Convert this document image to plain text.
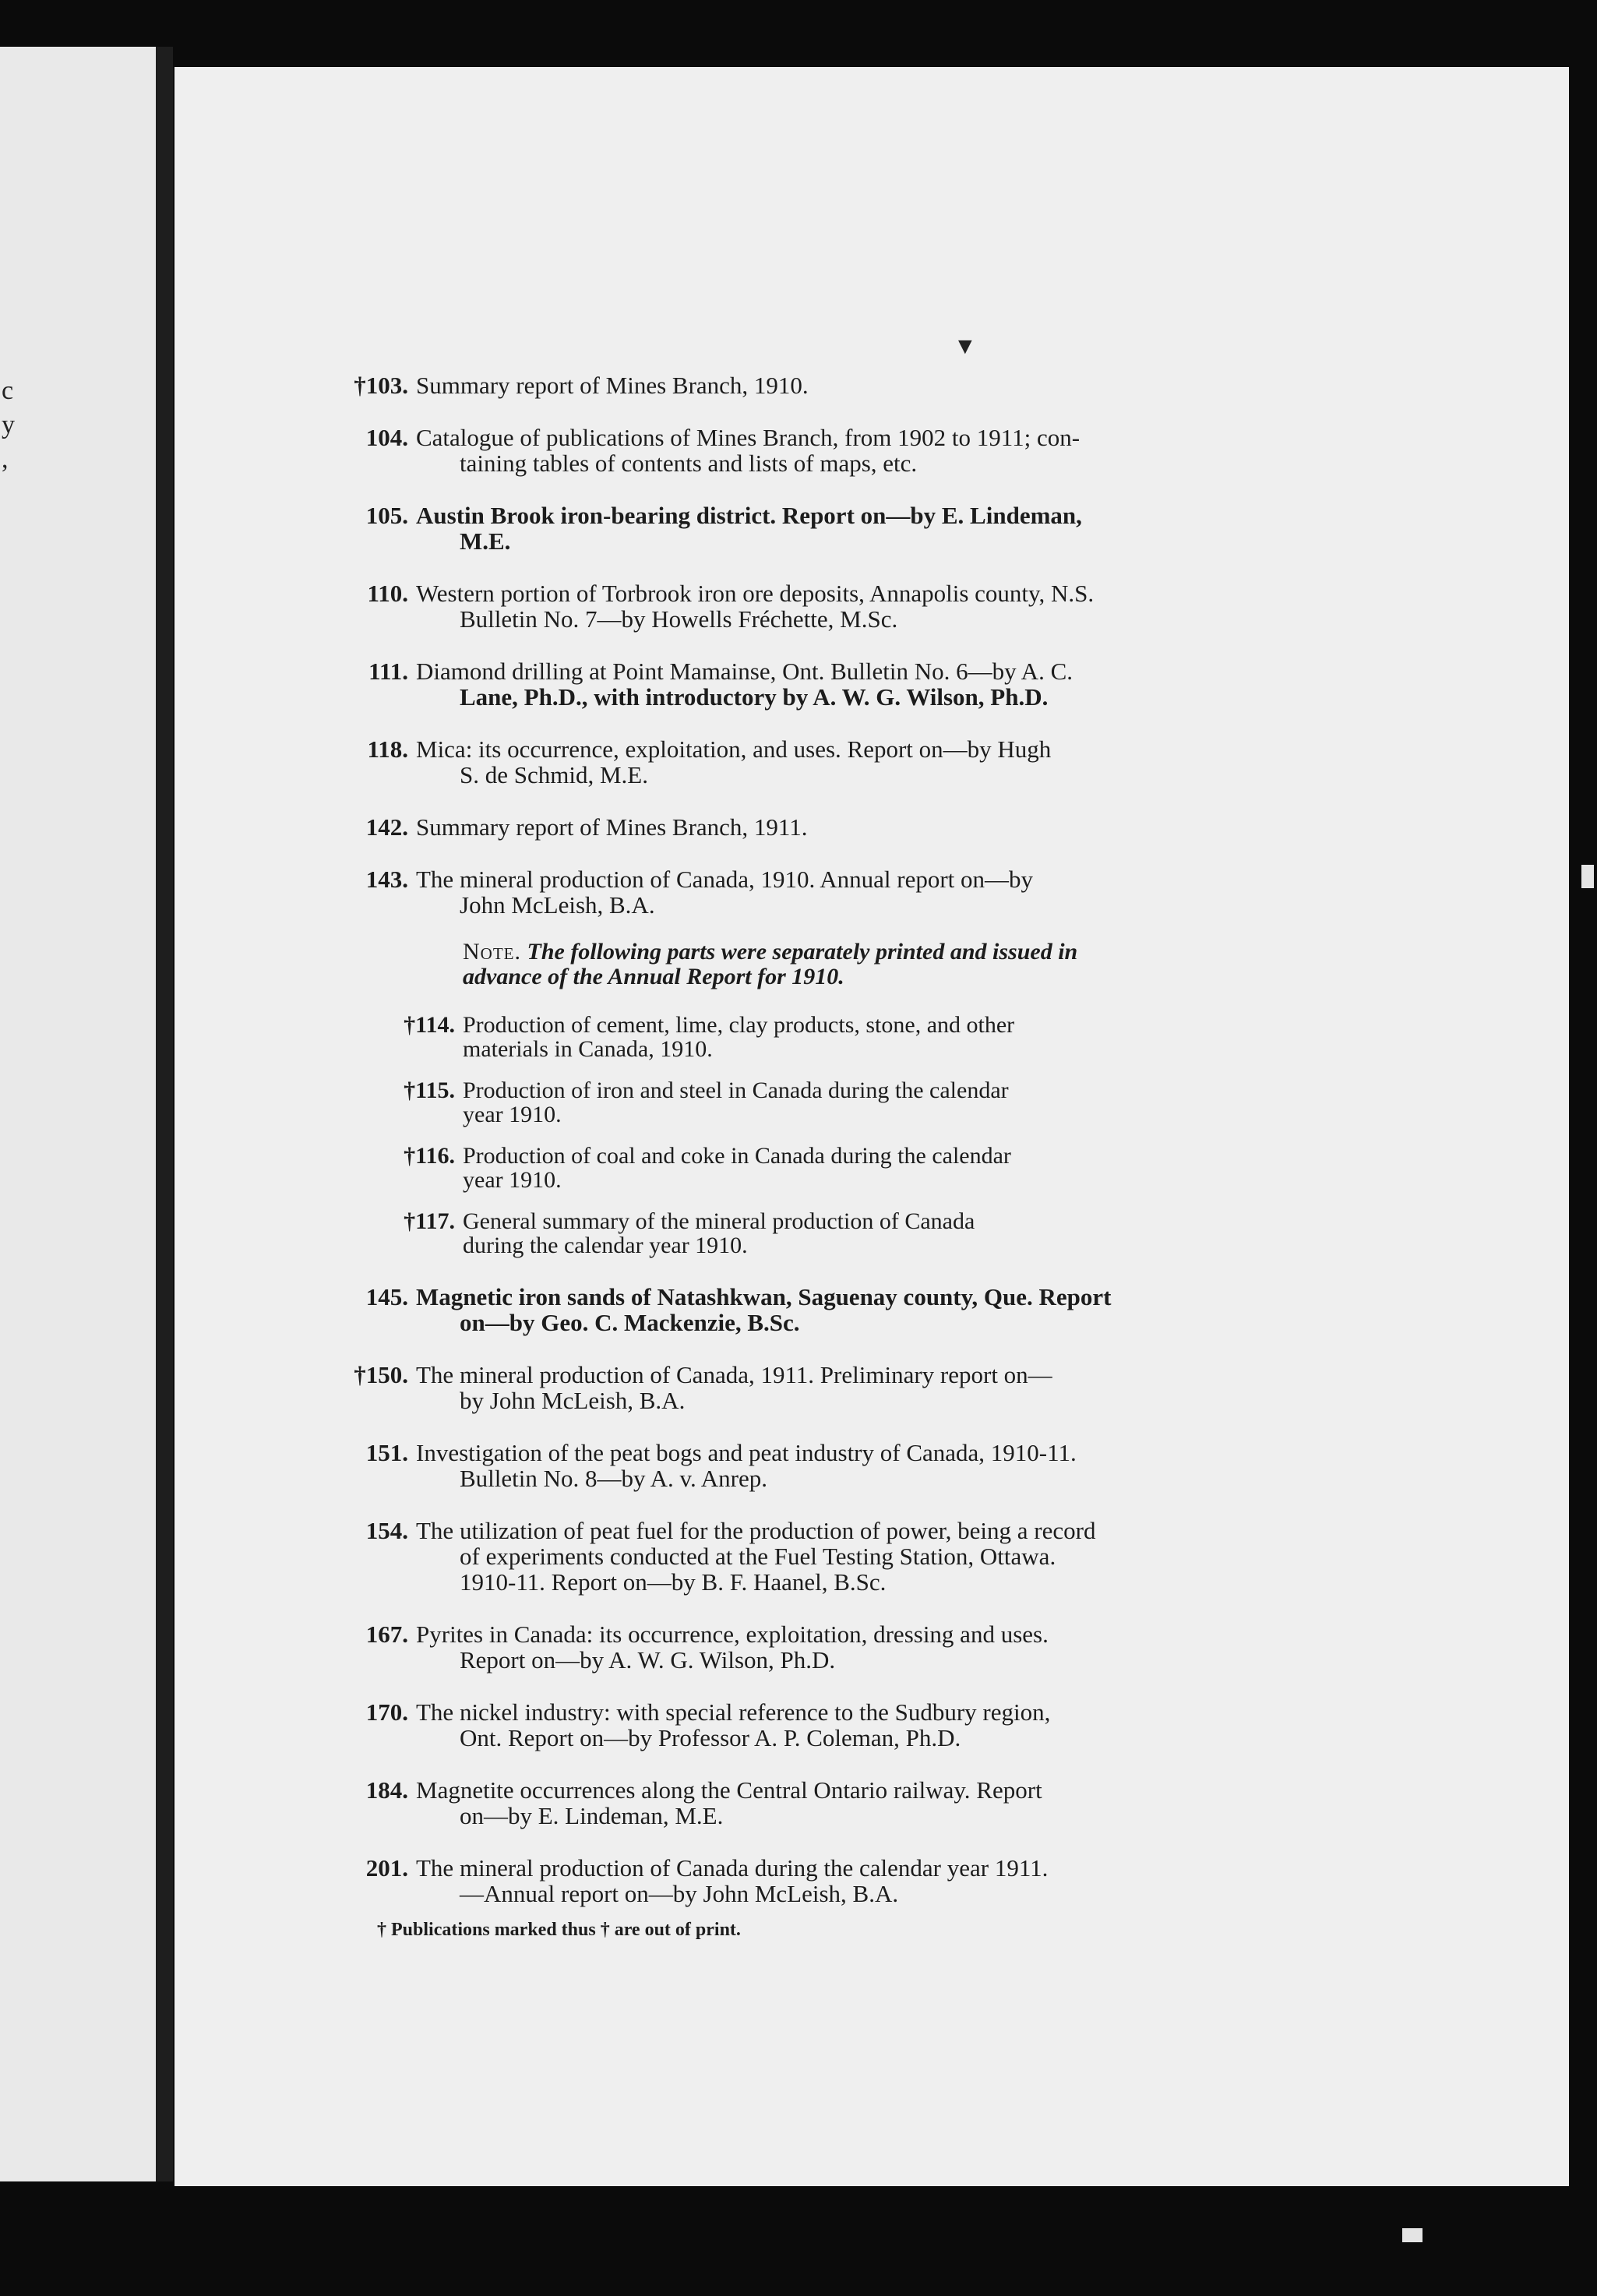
c
y
,
▼
†103. Summary report of Mines Branch, 1910.
104. Catalogue of publications of Mines Branch, from 1902 to 1911; con-
taining tables of contents and lists of maps, etc.
105. Austin Brook iron-bearing district. Report on—by E. Lindeman,
M.E.
110. Western portion of Torbrook iron ore deposits, Annapolis county, N.S.
Bulletin No. 7—by Howells Fréchette, M.Sc.
111. Diamond drilling at Point Mamainse, Ont. Bulletin No. 6—by A. C.
Lane, Ph.D., with introductory by A. W. G. Wilson, Ph.D.
118. Mica: its occurrence, exploitation, and uses. Report on—by Hugh
S. de Schmid, M.E.
142. Summary report of Mines Branch, 1911.
143. The mineral production of Canada, 1910. Annual report on—by
John McLeish, B.A.
Note. The following parts were separately printed and issued in
advance of the Annual Report for 1910.
†114. Production of cement, lime, clay products, stone, and other
materials in Canada, 1910.
†115. Production of iron and steel in Canada during the calendar
year 1910.
†116. Production of coal and coke in Canada during the calendar
year 1910.
†117. General summary of the mineral production of Canada
during the calendar year 1910.
145. Magnetic iron sands of Natashkwan, Saguenay county, Que. Report
on—by Geo. C. Mackenzie, B.Sc.
†150. The mineral production of Canada, 1911. Preliminary report on—
by John McLeish, B.A.
151. Investigation of the peat bogs and peat industry of Canada, 1910-11.
Bulletin No. 8—by A. v. Anrep.
154. The utilization of peat fuel for the production of power, being a record
of experiments conducted at the Fuel Testing Station, Ottawa.
1910-11. Report on—by B. F. Haanel, B.Sc.
167. Pyrites in Canada: its occurrence, exploitation, dressing and uses.
Report on—by A. W. G. Wilson, Ph.D.
170. The nickel industry: with special reference to the Sudbury region,
Ont. Report on—by Professor A. P. Coleman, Ph.D.
184. Magnetite occurrences along the Central Ontario railway. Report
on—by E. Lindeman, M.E.
201. The mineral production of Canada during the calendar year 1911.
—Annual report on—by John McLeish, B.A.
† Publications marked thus † are out of print.
